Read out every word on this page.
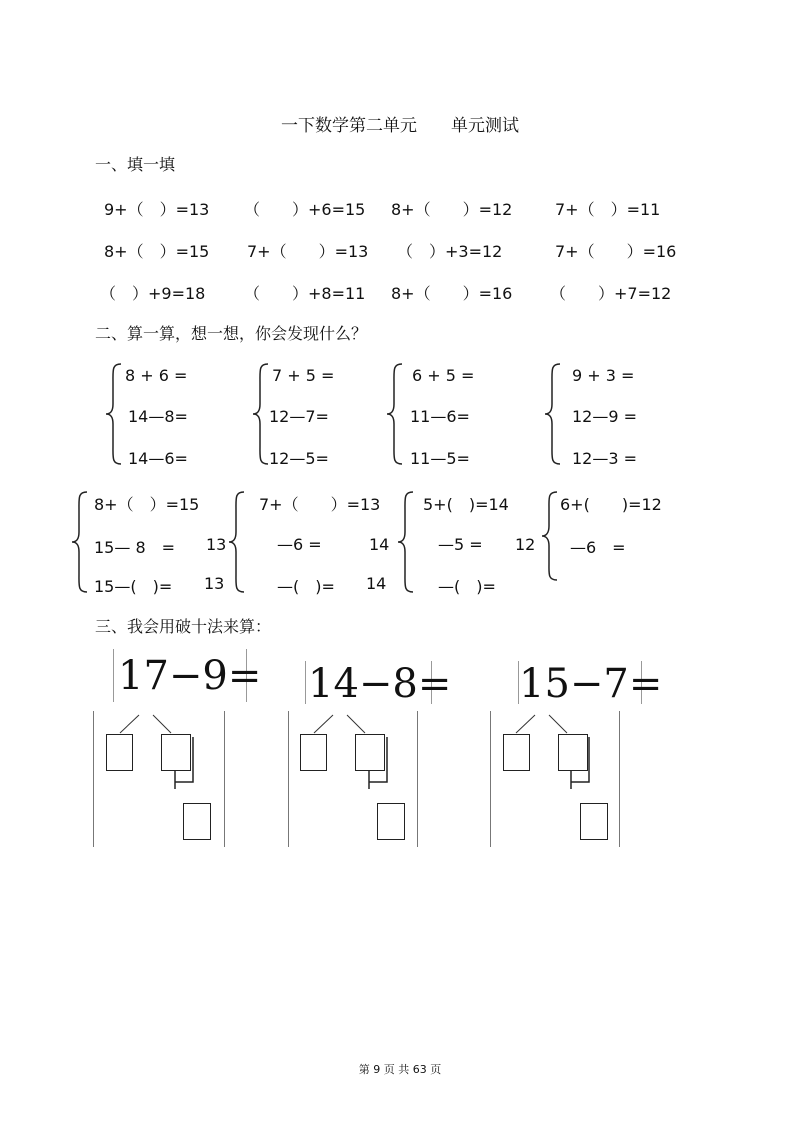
一下数学第二单元　　单元测试
一、填一填
9+（　）=13 （　　）+6=15 8+（　　）=12	7+（　）=11
8+（　）=15 7+（　　）=13 （　）+3=12	7+（　　）=16
（　）+9=18 （　　）+8=11 8+（　　）=16 （　　）+7=12
二、算一算，想一想，你会发现什么？
8 + 6 =
14—8=
14—6=
7 + 5 =
12—7=
12—5=
6 + 5 =
11—6=
11—5=
9 + 3 =
12—9 =
12—3 =
8+（　）=15
15— 8　=
15—(　)=
13
13
7+（　　）=13
—6 =
—(　)=
14
14
5+(　)=14
—5 =
—(　)=
12
6+(　　)=12
—6　=
三、我会用破十法来算：
17−9= 14−8= 15−7=
第 9 页 共 63 页
